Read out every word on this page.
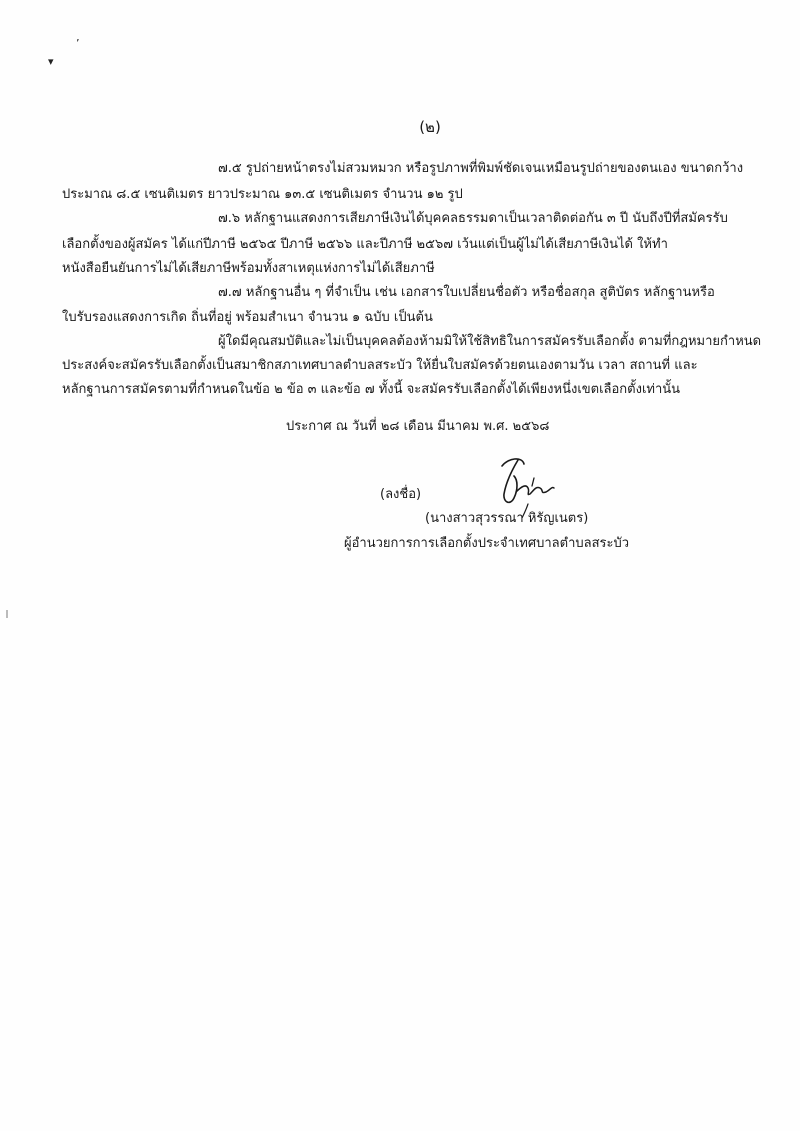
ʼ
▾
(๒)
๗.๕ รูปถ่ายหน้าตรงไม่สวมหมวก หรือรูปภาพที่พิมพ์ชัดเจนเหมือนรูปถ่ายของตนเอง ขนาดกว้าง
ประมาณ ๘.๕ เซนติเมตร ยาวประมาณ ๑๓.๕ เซนติเมตร จำนวน ๑๒ รูป
๗.๖ หลักฐานแสดงการเสียภาษีเงินได้บุคคลธรรมดาเป็นเวลาติดต่อกัน ๓ ปี นับถึงปีที่สมัครรับ
เลือกตั้งของผู้สมัคร ได้แก่ปีภาษี ๒๕๖๕ ปีภาษี ๒๕๖๖ และปีภาษี ๒๕๖๗ เว้นแต่เป็นผู้ไม่ได้เสียภาษีเงินได้ ให้ทำ
หนังสือยืนยันการไม่ได้เสียภาษีพร้อมทั้งสาเหตุแห่งการไม่ได้เสียภาษี
๗.๗ หลักฐานอื่น ๆ ที่จำเป็น เช่น เอกสารใบเปลี่ยนชื่อตัว หรือชื่อสกุล สูติบัตร หลักฐานหรือ
ใบรับรองแสดงการเกิด ถิ่นที่อยู่ พร้อมสำเนา จำนวน ๑ ฉบับ เป็นต้น
ผู้ใดมีคุณสมบัติและไม่เป็นบุคคลต้องห้ามมิให้ใช้สิทธิในการสมัครรับเลือกตั้ง ตามที่กฎหมายกำหนด
ประสงค์จะสมัครรับเลือกตั้งเป็นสมาชิกสภาเทศบาลตำบลสระบัว ให้ยื่นใบสมัครด้วยตนเองตามวัน เวลา สถานที่ และ
หลักฐานการสมัครตามที่กำหนดในข้อ ๒ ข้อ ๓ และข้อ ๗ ทั้งนี้ จะสมัครรับเลือกตั้งได้เพียงหนึ่งเขตเลือกตั้งเท่านั้น
ประกาศ ณ วันที่ ๒๘ เดือน มีนาคม พ.ศ. ๒๕๖๘
(ลงชื่อ)
(นางสาวสุวรรณา หิรัญเนตร)
ผู้อำนวยการการเลือกตั้งประจำเทศบาลตำบลสระบัว
